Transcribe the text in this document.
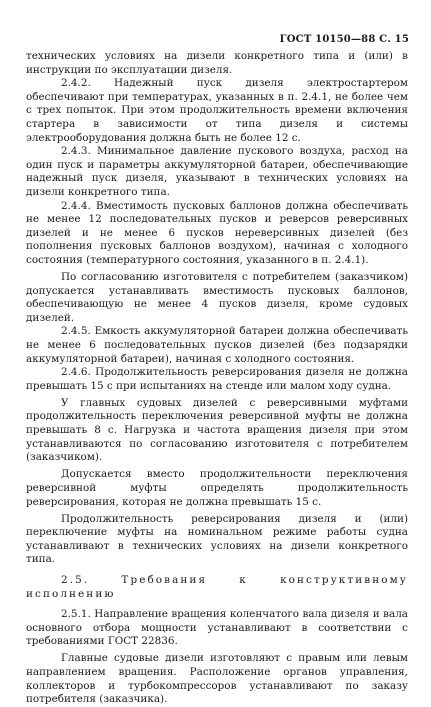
ГОСТ 10150—88 С. 15

технических условиях на дизели конкретного типа и (или) в инструкции по эксплуатации дизеля.

2.4.2. Надежный пуск дизеля электростартером обеспечивают при температурах, указанных в п. 2.4.1, не более чем с трех попыток. При этом продолжительность времени включения стартера в зависимости от типа дизеля и системы электрооборудования должна быть не более 12 с.

2.4.3. Минимальное давление пускового воздуха, расход на один пуск и параметры аккумуляторной батареи, обеспечивающие надежный пуск дизеля, указывают в технических условиях на дизели конкретного типа.

2.4.4. Вместимость пусковых баллонов должна обеспечивать не менее 12 последовательных пусков и реверсов реверсивных дизелей и не менее 6 пусков нереверсивных дизелей (без пополнения пусковых баллонов воздухом), начиная с холодного состояния (температурного состояния, указанного в п. 2.4.1).

По согласованию изготовителя с потребителем (заказчиком) допускается устанавливать вместимость пусковых баллонов, обеспечивающую не менее 4 пусков дизеля, кроме судовых дизелей.

2.4.5. Емкость аккумуляторной батареи должна обеспечивать не менее 6 последовательных пусков дизелей (без подзарядки аккумуляторной батареи), начиная с холодного состояния.

2.4.6. Продолжительность реверсирования дизеля не должна превышать 15 с при испытаниях на стенде или малом ходу судна.

У главных судовых дизелей с реверсивными муфтами продолжительность переключения реверсивной муфты не должна превышать 8 с. Нагрузка и частота вращения дизеля при этом устанавливаются по согласованию изготовителя с потребителем (заказчиком).

Допускается вместо продолжительности переключения реверсивной муфты определять продолжительность реверсирования, которая не должна превышать 15 с.

Продолжительность реверсирования дизеля и (или) переключение муфты на номинальном режиме работы судна устанавливают в технических условиях на дизели конкретного типа.

2.5. Требования к конструктивному исполнению

2.5.1. Направление вращения коленчатого вала дизеля и вала основного отбора мощности устанавливают в соответствии с требованиями ГОСТ 22836.

Главные судовые дизели изготовляют с правым или левым направлением вращения. Расположение органов управления, коллекторов и турбокомпрессоров устанавливают по заказу потребителя (заказчика).
